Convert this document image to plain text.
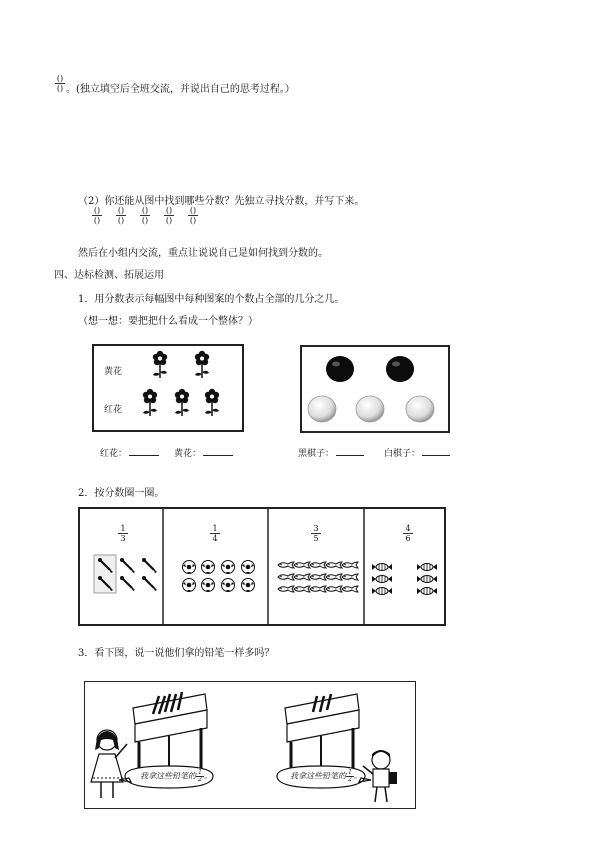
()
() 。(独立填空后全班交流，并说出自己的思考过程。）
（2）你还能从图中找到哪些分数？先独立寻找分数，并写下来。
()
()
()
()
()
()
()
()
()
()
然后在小组内交流，重点让说说自己是如何找到分数的。
四、达标检测、拓展运用
1．用分数表示每幅图中每种图案的个数占全部的几分之几。
（想一想：要把把什么看成一个整体？）
黄花
红花
红花：	黄花：	黑棋子：	白棋子：
2．按分数圈一圈。
$\frac{1}{3}$	$\frac{1}{4}$	$\frac{3}{5}$	$\frac{4}{6}$
3．看下图，说一说他们拿的铅笔一样多吗？
我拿这些铅笔的 $\frac{1}{2}$ 。	我拿这些铅笔的 $\frac{1}{2}$ 。
